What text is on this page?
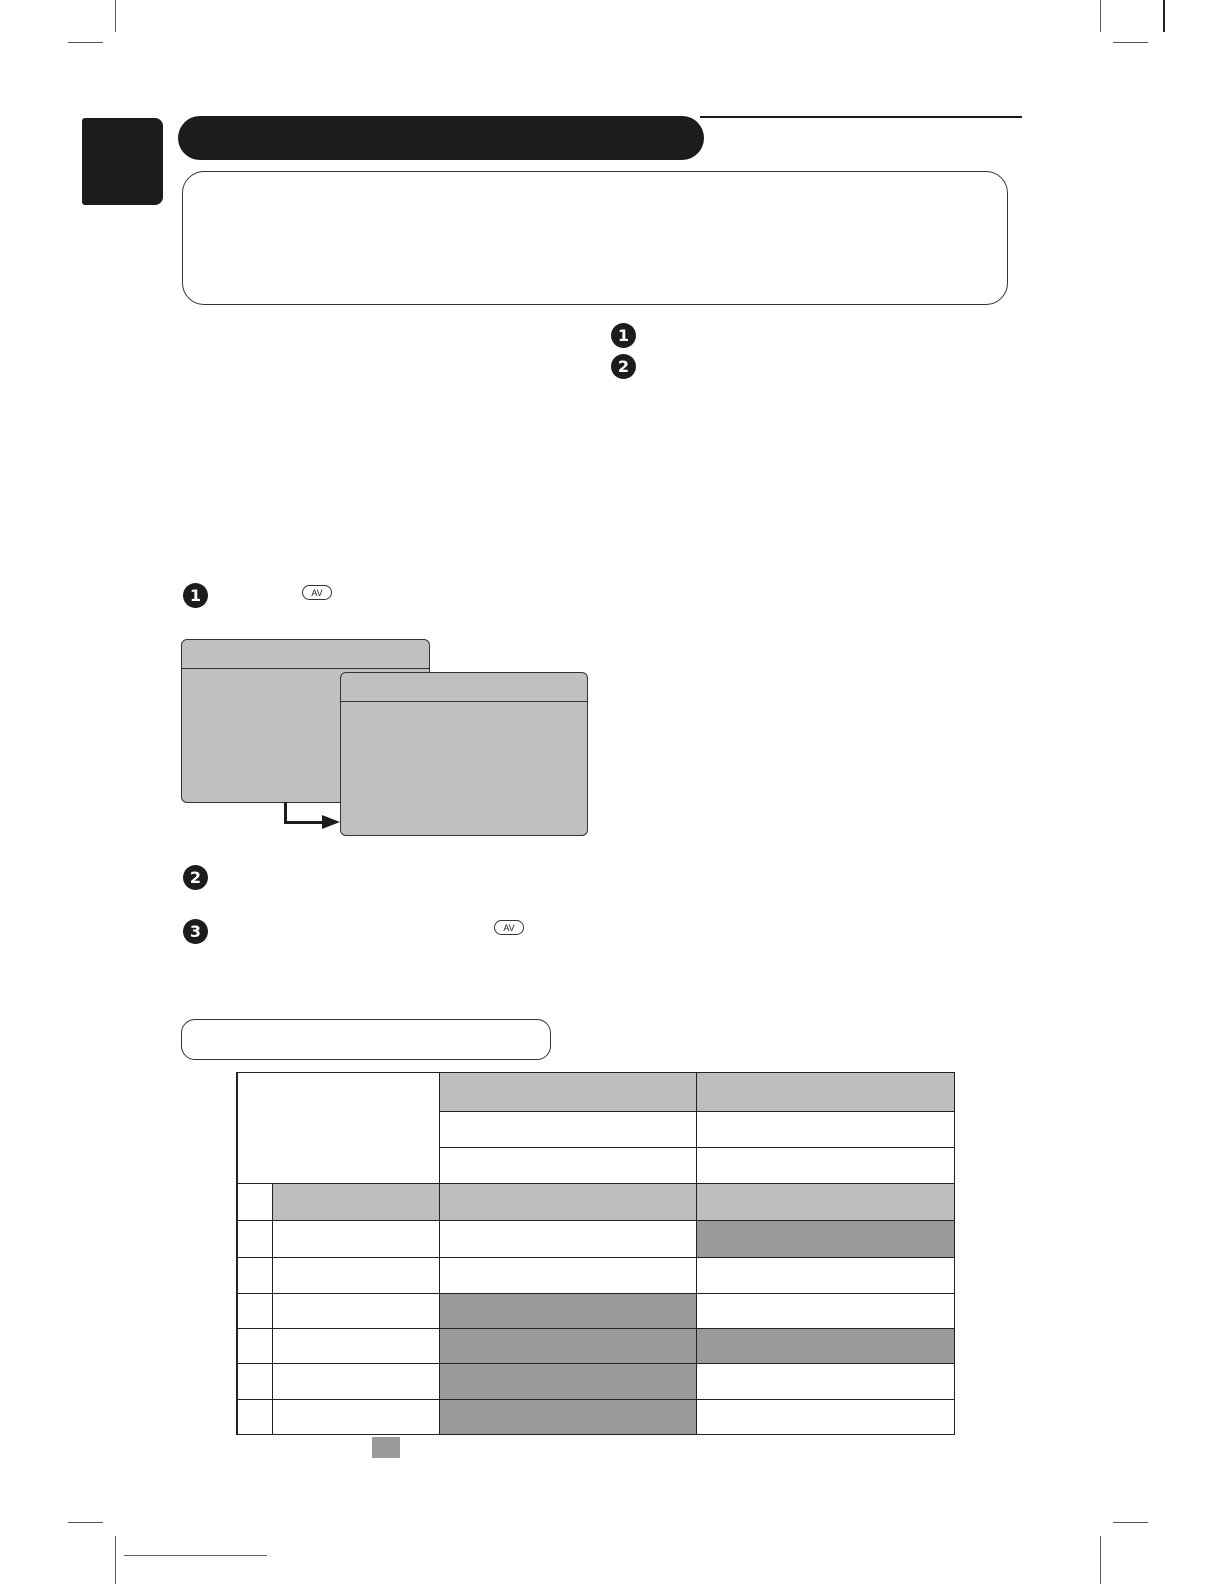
1
2
1	AV
2
3	AV
